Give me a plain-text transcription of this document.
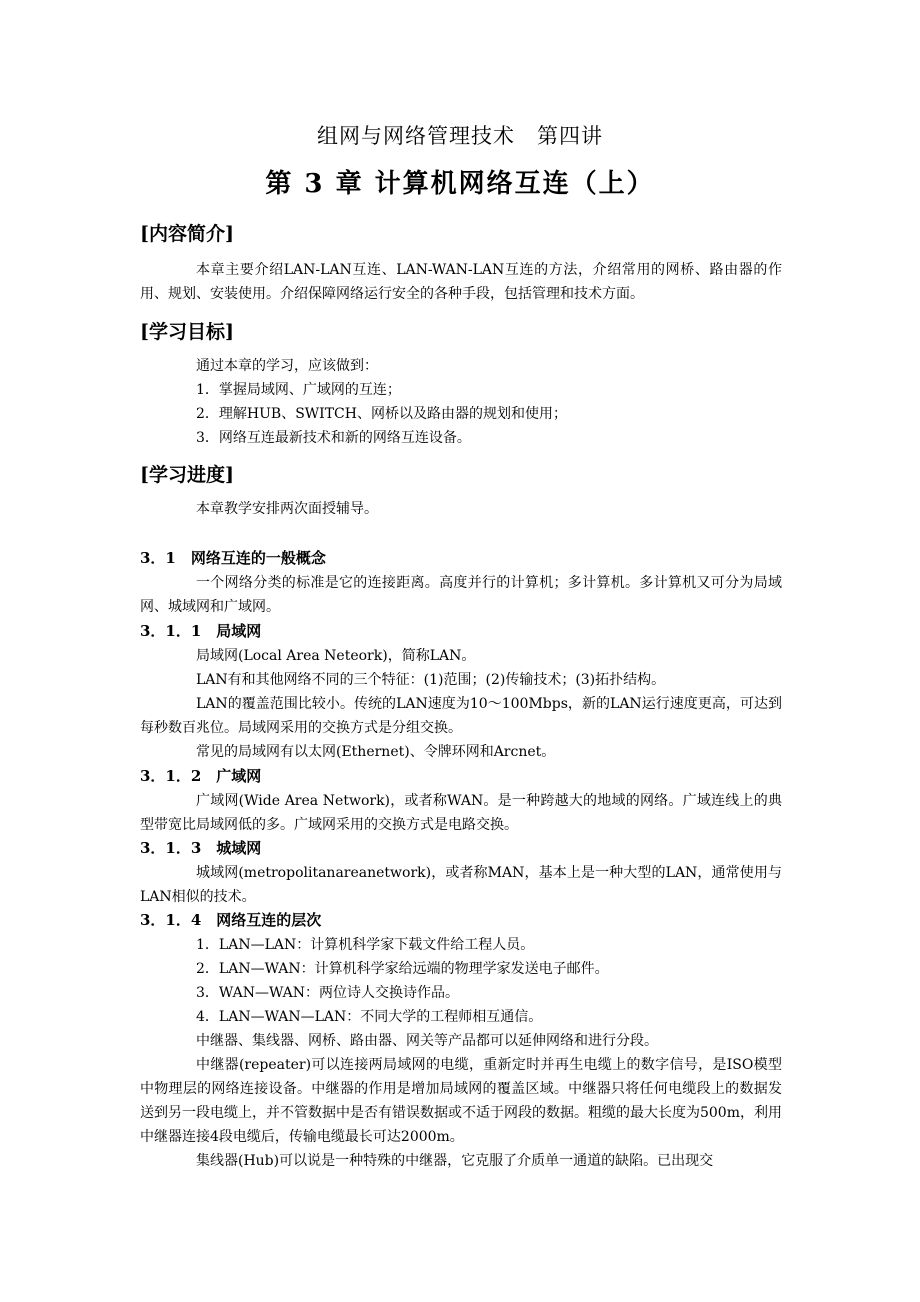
组网与网络管理技术　第四讲
第 3 章 计算机网络互连（上）
[内容简介]
本章主要介绍LAN-LAN互连、LAN-WAN-LAN互连的方法，介绍常用的网桥、路由器的作用、规划、安装使用。介绍保障网络运行安全的各种手段，包括管理和技术方面。
[学习目标]
通过本章的学习，应该做到：
1．掌握局域网、广域网的互连；
2．理解HUB、SWITCH、网桥以及路由器的规划和使用；
3．网络互连最新技术和新的网络互连设备。
[学习进度]
本章教学安排两次面授辅导。
3．1　网络互连的一般概念
一个网络分类的标准是它的连接距离。高度并行的计算机；多计算机。多计算机又可分为局域网、城域网和广域网。
3．1．1　局域网
局域网(Local Area Neteork)，简称LAN。
LAN有和其他网络不同的三个特征：(1)范围；(2)传输技术；(3)拓扑结构。
LAN的覆盖范围比较小。传统的LAN速度为10～100Mbps，新的LAN运行速度更高，可达到每秒数百兆位。局域网采用的交换方式是分组交换。
常见的局域网有以太网(Ethernet)、令牌环网和Arcnet。
3．1．2　广域网
广域网(Wide Area Network)，或者称WAN。是一种跨越大的地域的网络。广域连线上的典型带宽比局域网低的多。广域网采用的交换方式是电路交换。
3．1．3　城域网
城域网(metropolitanareanetwork)，或者称MAN，基本上是一种大型的LAN，通常使用与LAN相似的技术。
3．1．4　网络互连的层次
1．LAN—LAN：计算机科学家下载文件给工程人员。
2．LAN—WAN：计算机科学家给远端的物理学家发送电子邮件。
3．WAN—WAN：两位诗人交换诗作品。
4．LAN—WAN—LAN：不同大学的工程师相互通信。
中继器、集线器、网桥、路由器、网关等产品都可以延伸网络和进行分段。
中继器(repeater)可以连接两局域网的电缆，重新定时并再生电缆上的数字信号，是ISO模型中物理层的网络连接设备。中继器的作用是增加局域网的覆盖区域。中继器只将任何电缆段上的数据发送到另一段电缆上，并不管数据中是否有错误数据或不适于网段的数据。粗缆的最大长度为500m，利用中继器连接4段电缆后，传输电缆最长可达2000m。
集线器(Hub)可以说是一种特殊的中继器，它克服了介质单一通道的缺陷。已出现交
